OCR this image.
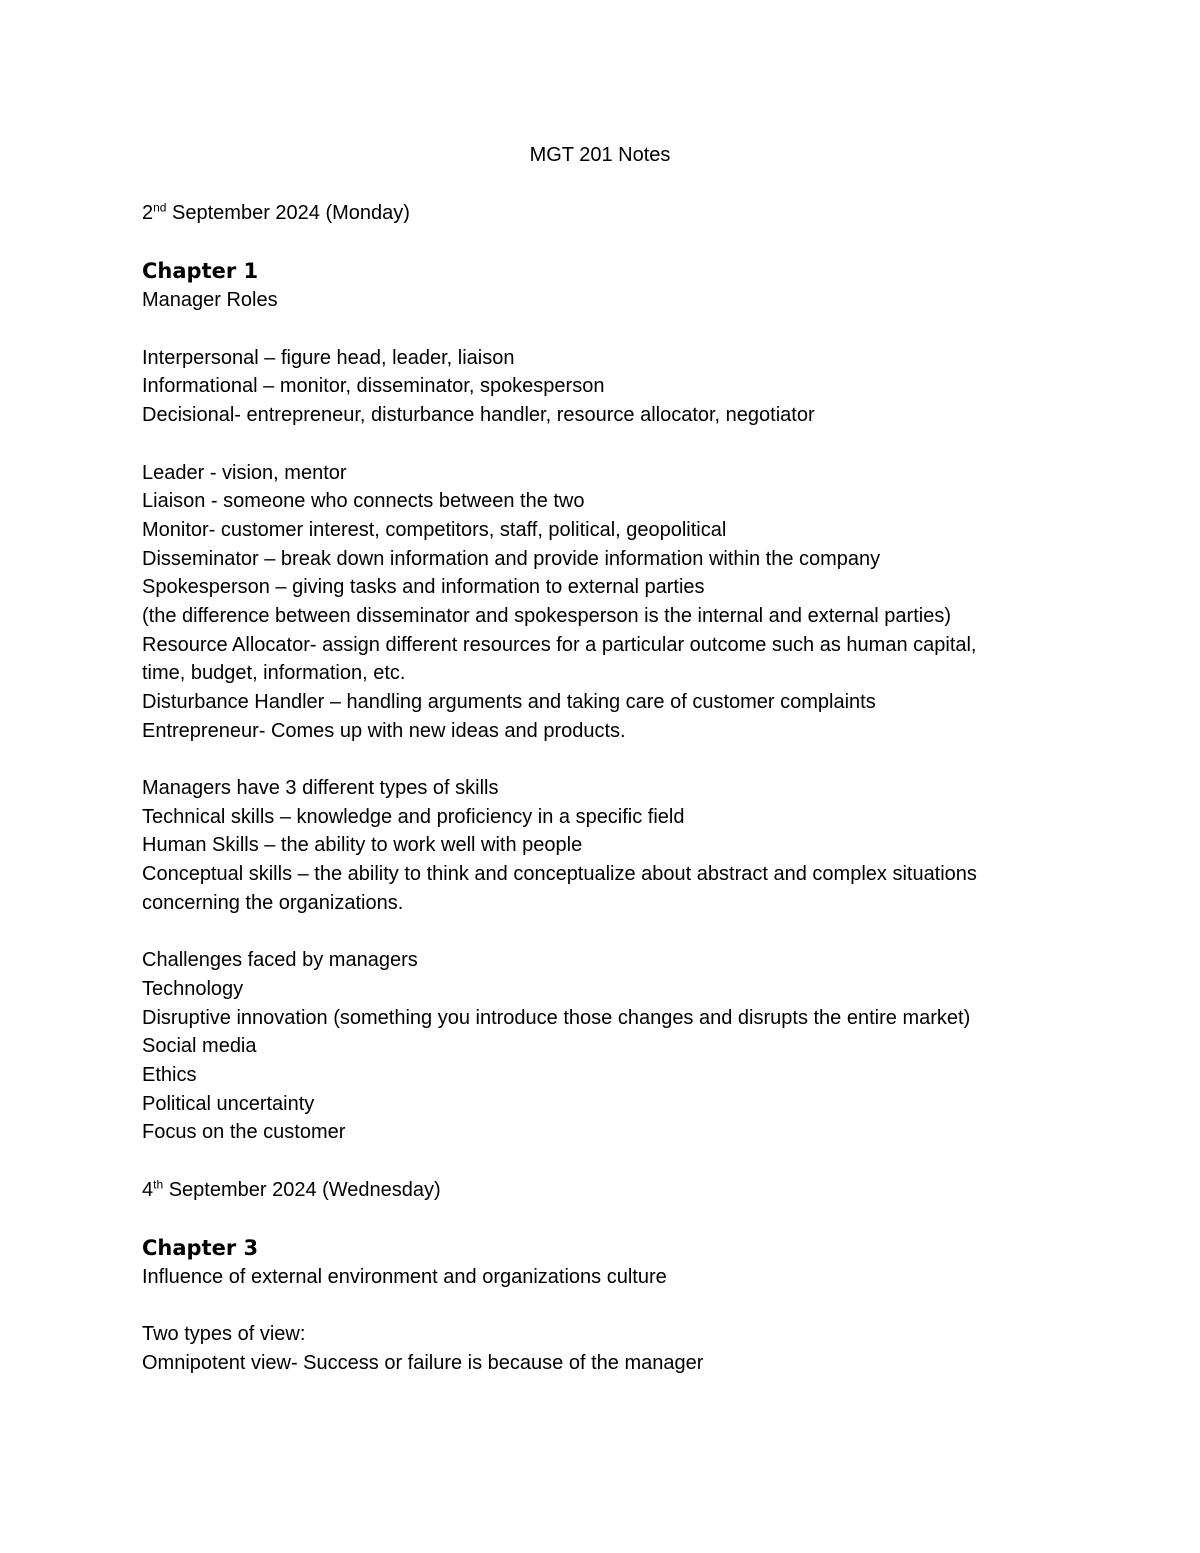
MGT 201 Notes

2nd September 2024 (Monday)
Chapter 1
Manager Roles
Interpersonal – figure head, leader, liaison
Informational – monitor, disseminator, spokesperson
Decisional- entrepreneur, disturbance handler, resource allocator, negotiator
Leader - vision, mentor
Liaison - someone who connects between the two
Monitor- customer interest, competitors, staff, political, geopolitical
Disseminator – break down information and provide information within the company
Spokesperson – giving tasks and information to external parties
(the difference between disseminator and spokesperson is the internal and external parties)
Resource Allocator- assign different resources for a particular outcome such as human capital,
time, budget, information, etc.
Disturbance Handler – handling arguments and taking care of customer complaints
Entrepreneur- Comes up with new ideas and products.
Managers have 3 different types of skills
Technical skills – knowledge and proficiency in a specific field
Human Skills – the ability to work well with people
Conceptual skills – the ability to think and conceptualize about abstract and complex situations
concerning the organizations.
Challenges faced by managers
Technology
Disruptive innovation (something you introduce those changes and disrupts the entire market)
Social media
Ethics
Political uncertainty
Focus on the customer
4th September 2024 (Wednesday)
Chapter 3
Influence of external environment and organizations culture
Two types of view:
Omnipotent view- Success or failure is because of the manager
